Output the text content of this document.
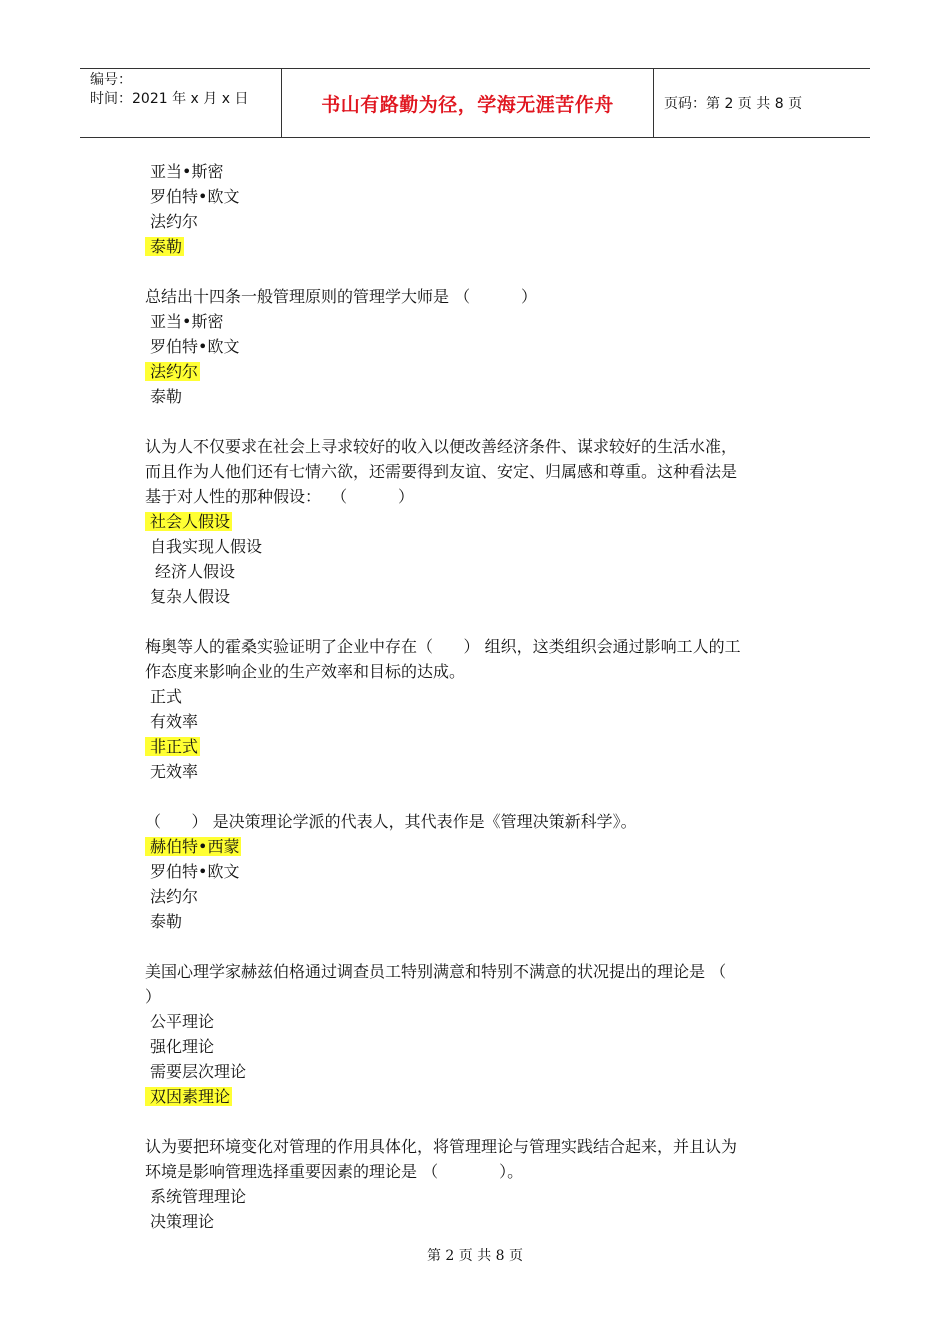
编号：
时间：2021 年 x 月 x 日	书山有路勤为径，学海无涯苦作舟	页码：第 2 页 共 8 页
亚当•斯密
罗伯特•欧文
法约尔
泰勒
总结出十四条一般管理原则的管理学大师是 （          ）
亚当•斯密
罗伯特•欧文
法约尔
泰勒
认为人不仅要求在社会上寻求较好的收入以便改善经济条件、谋求较好的生活水准，
而且作为人他们还有七情六欲，还需要得到友谊、安定、归属感和尊重。这种看法是
基于对人性的那种假设：  （          ）
社会人假设
自我实现人假设
经济人假设
复杂人假设
梅奥等人的霍桑实验证明了企业中存在（      ） 组织，这类组织会通过影响工人的工
作态度来影响企业的生产效率和目标的达成。
正式
有效率
非正式
无效率
（      ） 是决策理论学派的代表人，其代表作是《管理决策新科学》。
赫伯特•西蒙
罗伯特•欧文
法约尔
泰勒
美国心理学家赫兹伯格通过调查员工特别满意和特别不满意的状况提出的理论是 （
）
公平理论
强化理论
需要层次理论
双因素理论
认为要把环境变化对管理的作用具体化，将管理理论与管理实践结合起来，并且认为
环境是影响管理选择重要因素的理论是 （            ）。
系统管理理论
决策理论
第 2 页 共 8 页
